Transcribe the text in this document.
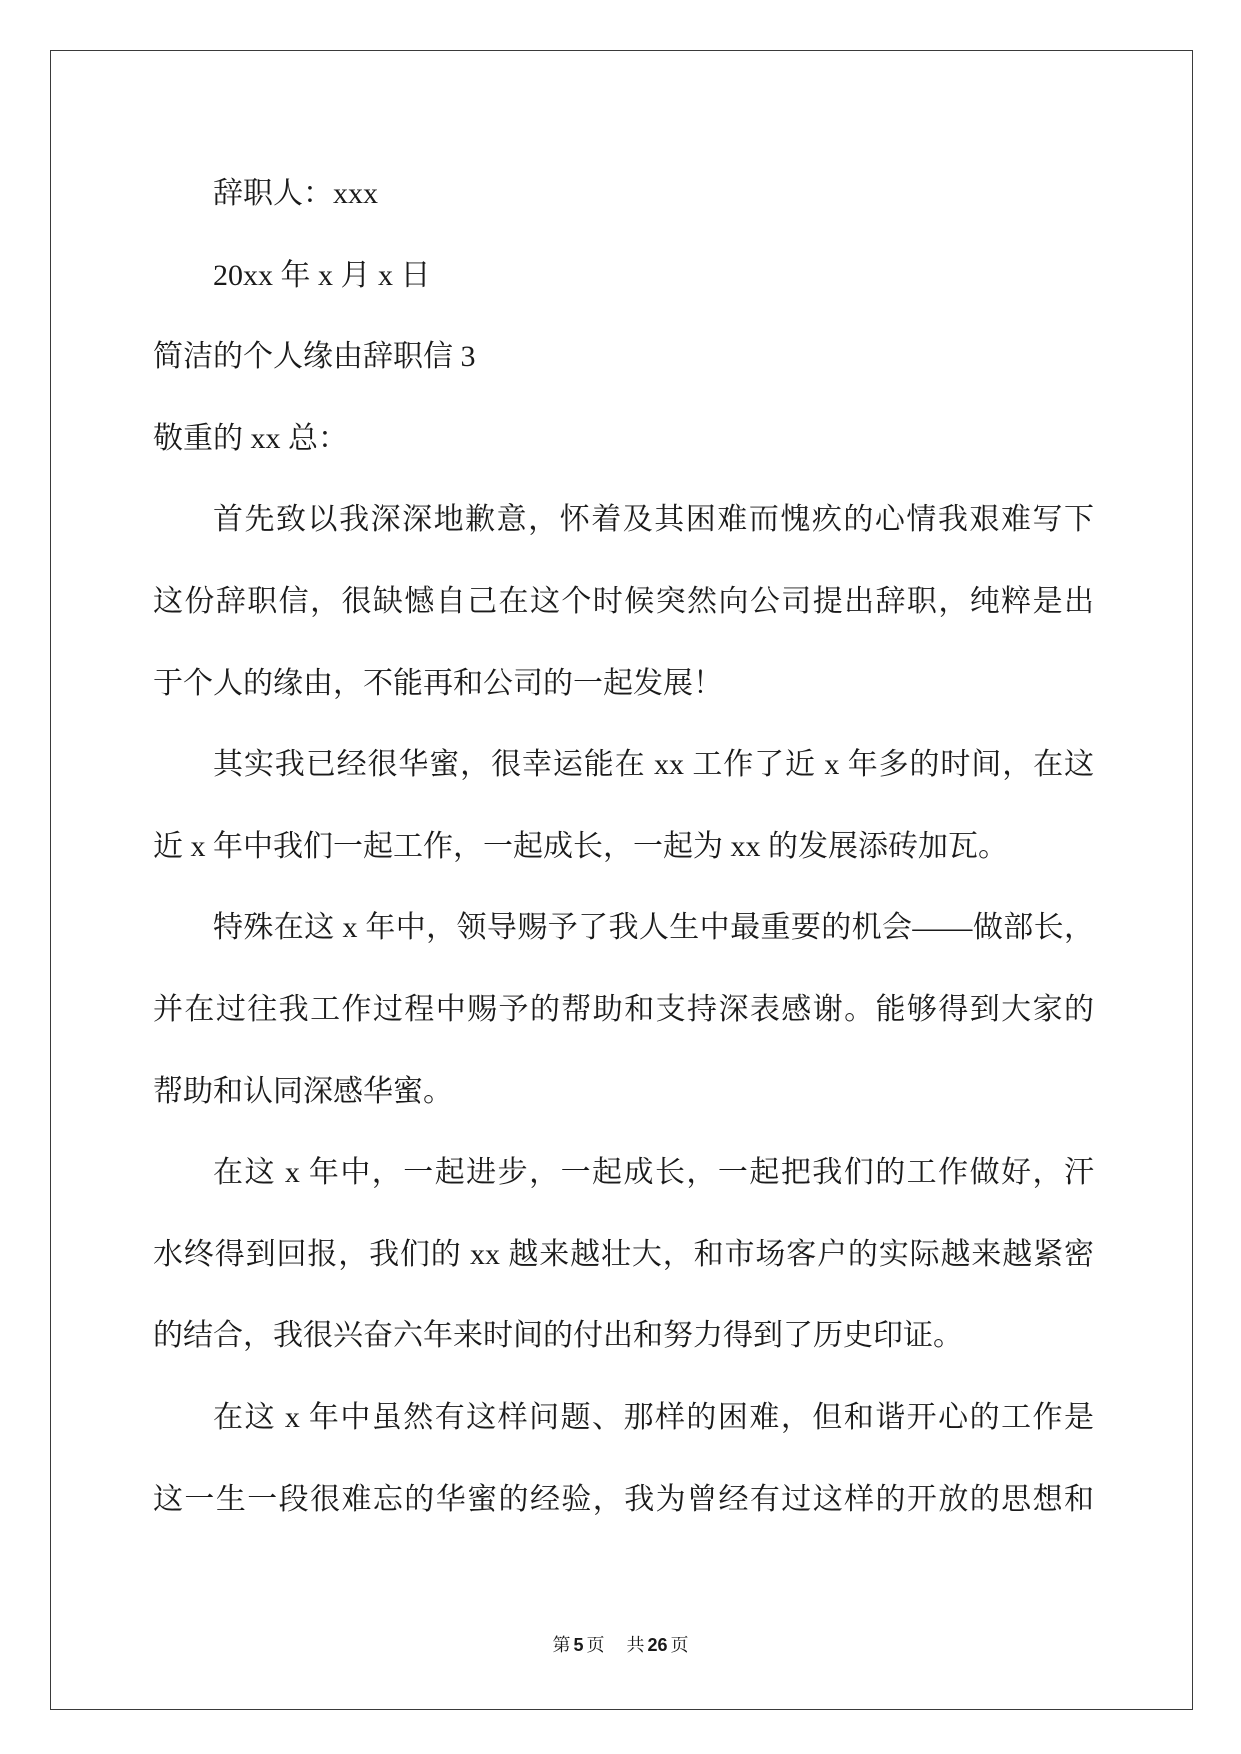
辞职人：xxx
20xx 年 x 月 x 日
简洁的个人缘由辞职信 3
敬重的 xx 总：
首先致以我深深地歉意，怀着及其困难而愧疚的心情我艰难写下
这份辞职信，很缺憾自己在这个时候突然向公司提出辞职，纯粹是出
于个人的缘由，不能再和公司的一起发展！
其实我已经很华蜜，很幸运能在 xx 工作了近 x 年多的时间，在这
近 x 年中我们一起工作，一起成长，一起为 xx 的发展添砖加瓦。
特殊在这 x 年中，领导赐予了我人生中最重要的机会——做部长，
并在过往我工作过程中赐予的帮助和支持深表感谢。能够得到大家的
帮助和认同深感华蜜。
在这 x 年中，一起进步，一起成长，一起把我们的工作做好，汗
水终得到回报，我们的 xx 越来越壮大，和市场客户的实际越来越紧密
的结合，我很兴奋六年来时间的付出和努力得到了历史印证。
在这 x 年中虽然有这样问题、那样的困难，但和谐开心的工作是
这一生一段很难忘的华蜜的经验，我为曾经有过这样的开放的思想和
第 5 页 共 26 页
